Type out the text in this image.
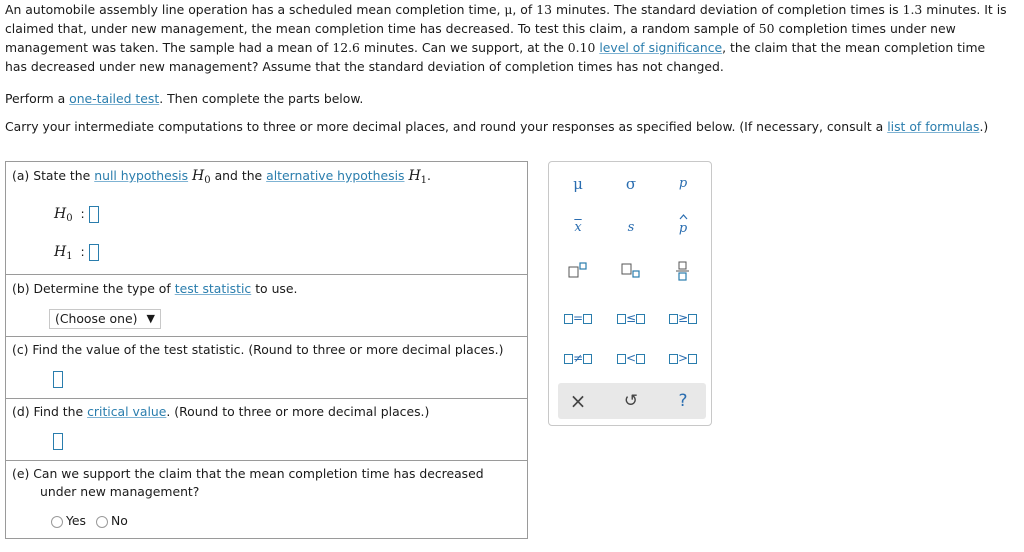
An automobile assembly line operation has a scheduled mean completion time, μ, of 13 minutes. The standard deviation of completion times is 1.3 minutes. It is

claimed that, under new management, the mean completion time has decreased. To test this claim, a random sample of 50 completion times under new

management was taken. The sample had a mean of 12.6 minutes. Can we support, at the 0.10 level of significance, the claim that the mean completion time

has decreased under new management? Assume that the standard deviation of completion times has not changed.

Perform a one-tailed test. Then complete the parts below.
Carry your intermediate computations to three or more decimal places, and round your responses as specified below. (If necessary, consult a list of formulas.)
(a) State the null hypothesis $H_0$ and the alternative hypothesis $H_1$.
$H_0$ :
$H_1$ :
(b) Determine the type of test statistic to use.
(Choose one) ▼
(c) Find the value of the test statistic. (Round to three or more decimal places.)
(d) Find the critical value. (Round to three or more decimal places.)
(e) Can we support the claim that the mean completion time has decreased
under new management?
Yes No
μ	σ	p
$\overline{x}$	s	p
=	≤	≥
≠	<	>
×	↺	?
